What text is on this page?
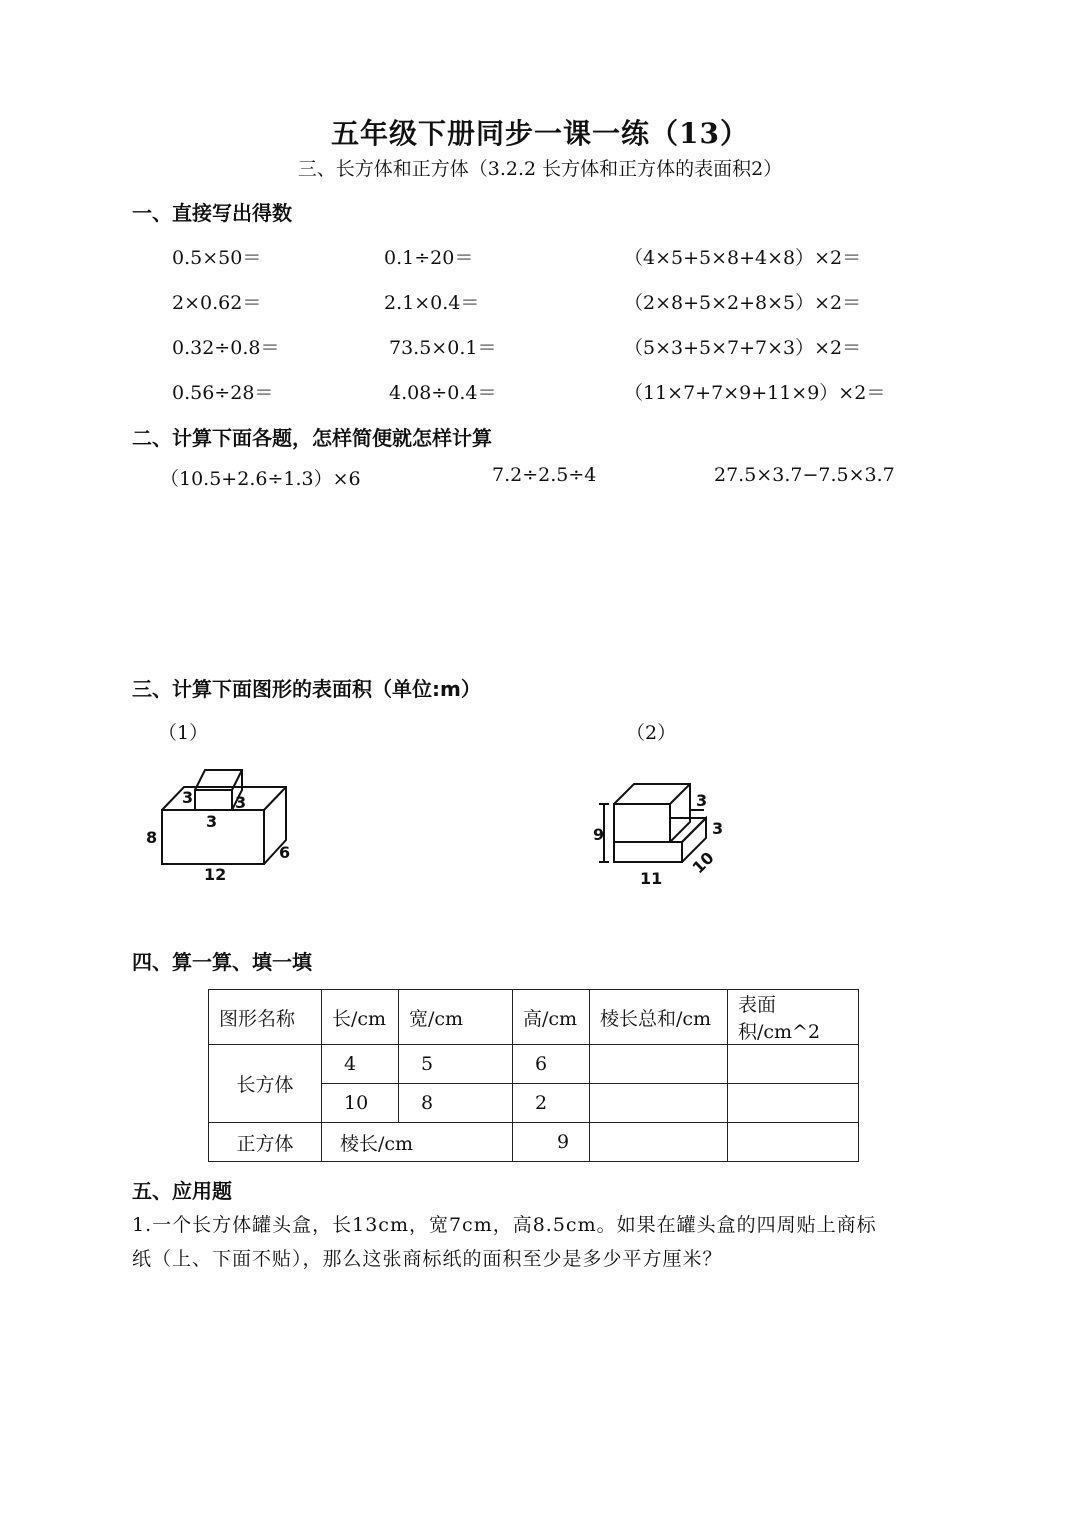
五年级下册同步一课一练（13）
三、长方体和正方体（3.2.2 长方体和正方体的表面积2）
一、直接写出得数
0.5×50＝	0.1÷20＝	（4×5+5×8+4×8）×2＝
2×0.62＝	2.1×0.4＝	（2×8+5×2+8×5）×2＝
0.32÷0.8＝	73.5×0.1＝	（5×3+5×7+7×3）×2＝
0.56÷28＝	4.08÷0.4＝	（11×7+7×9+11×9）×2＝
二、计算下面各题，怎样简便就怎样计算
（10.5+2.6÷1.3）×6	7.2÷2.5÷4	27.5×3.7−7.5×3.7
三、计算下面图形的表面积（单位:m）
（1）	（2）
3	3
3
8
6
12
3
3
9
10
11
四、算一算、填一填
图形名称	长/cm	宽/cm	高/cm	棱长总和/cm	表面积/cm^2
长方体	4	5	6		
	10	8	2		
正方体	棱长/cm		9		
五、应用题
1.一个长方体罐头盒，长13cm，宽7cm，高8.5cm。如果在罐头盒的四周贴上商标
纸（上、下面不贴），那么这张商标纸的面积至少是多少平方厘米？
